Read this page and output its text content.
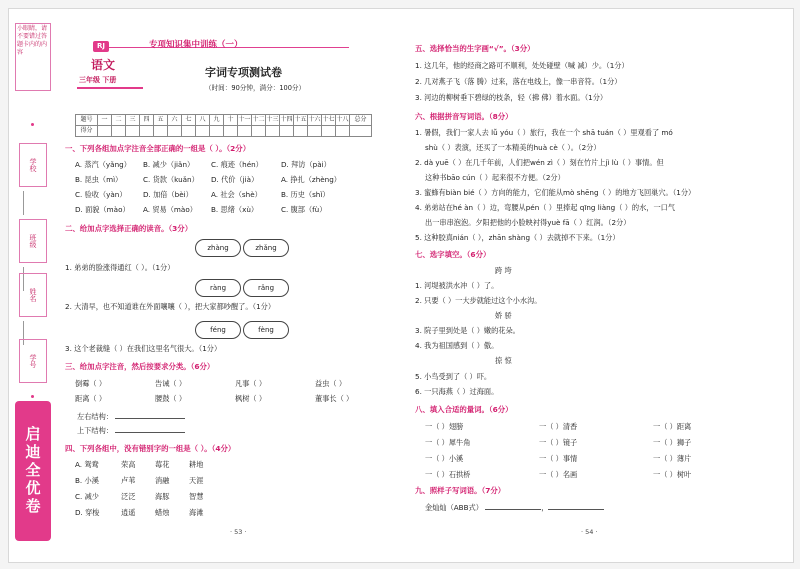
小眼睛，请不要错过答题卡内的内容
学校
班级
姓名
学号
启迪全优卷
RJ	专项知识集中训练（一）
语文
三年级 下册
字词专项测试卷
（时间：90分钟，满分：100分）
题号	一	二	三	四	五	六	七	八	九	十	十一	十二	十三	十四	十五	十六	十七	十八	总分
得分																			
一、下列各组加点字注音全部正确的一组是（ ）。（2分）
A. 蒸汽（yǎng） B. 减少（jiǎn） C. 痕迹（hén）	D. 拜访（pài）
B. 昆虫（mì）	C. 货款（kuǎn） D. 代价（jià）	A. 挣扎（zhèng）
C. 验收（yàn） D. 加倍（bèi）	A. 社会（shè）	B. 历史（shǐ）
D. 面貌（mào） A. 贸易（mào） B. 思绪（xù）	C. 腹部（fù）
二、给加点字选择正确的读音。（3分）
zhàng	zhǎng
1. 弟弟的脸涨得通红（ ）。（1分）
ràng	rǎng
2. 大清早，也不知道谁在外面嚷嚷（ ），把大家都吵醒了。（1分）
féng	fèng
3. 这个老裁缝（ ）在我们这里名气很大。（1分）
三、给加点字注音，然后按要求分类。（6分）
倒霉（ ）	告诫（ ）	凡事（ ）	益虫（ ）
距离（ ）	腰鼓（ ）	枫树（ ）	董事长（ ）
左右结构：
上下结构：
四、下列各组中，没有错别字的一组是（ ）。（4分）
A. 鸳鸯	荣高	莓花	耕地
B. 小溪	卢苇	消融	天涯
C. 减少	泛泛	海豚	智慧
D. 穿梭	逍遥	蜡烛	海滩
· 53 ·
五、选择恰当的生字画“√”。（3分）
1. 这几年，他的经商之路可不顺利，处处碰壁（喊 减）少。（1分）
2. 几对燕子飞（落 腾）过来，落在电线上，像一串音符。（1分）
3. 河边的柳树垂下碧绿的枝条，轻（拂 佛）着水面。（1分）
六、根据拼音写词语。（8分）
1. 暑假，我们一家人去 lǚ yóu（ ）旅行，我在一个 shā tuán（ ）里观看了 mó
shù（ ）表演，还买了一本精美的huà cè（ ）。（2分）
2. dà yuē（ ）在几千年前，人们把wén zì（ ）刻在竹片上jì lù（ ）事情。但
这种书bāo cún（ ）起来很不方便。（2分）
3. 蜜蜂有biàn bié（ ）方向的能力，它们能从mò shēng（ ）的地方飞回巢穴。（1分）
4. 弟弟站在hé àn（ ）边，弯腰从pén（ ）里捧起 qīng liàng（ ）的水，一口气
出一串串泡泡。夕阳把他的小脸映衬得yuè fā（ ）红润。（2分）
5. 这种胶真nián（ ），zhān shàng（ ）去就掉不下来。（1分）
七、选字填空。（6分）
跨 垮
1. 河堤被洪水冲（ ）了。
2. 只要（ ）一大步就能过这个小水沟。
娇 骄
3. 院子里到处是（ ）嫩的花朵。
4. 我为祖国感到（ ）傲。
掠 惊
5. 小鸟受到了（ ）吓。
6. 一只海燕（ ）过海面。
八、填入合适的量词。（6分）
一（ ）翅膀	一（ ）清香	一（ ）距离
一（ ）犀牛角	一（ ）镜子	一（ ）狮子
一（ ）小溪	一（ ）事情	一（ ）薄片
一（ ）石拱桥	一（ ）名画	一（ ）树叶
九、照样子写词语。（7分）
金灿灿（ABB式）	，
· 54 ·
